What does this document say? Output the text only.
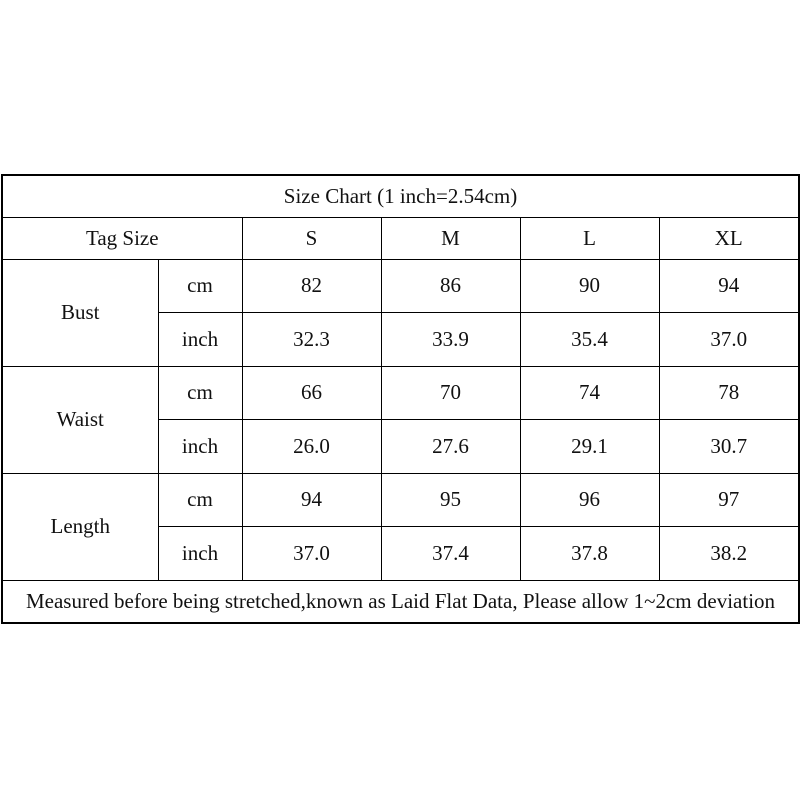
Size Chart (1 inch=2.54cm)					
Tag Size		S	M	L	XL
Bust	cm	82	86	90	94
	inch	32.3	33.9	35.4	37.0
Waist	cm	66	70	74	78
	inch	26.0	27.6	29.1	30.7
Length	cm	94	95	96	97
	inch	37.0	37.4	37.8	38.2
Measured before being stretched,known as Laid Flat Data, Please allow 1~2cm deviation					
